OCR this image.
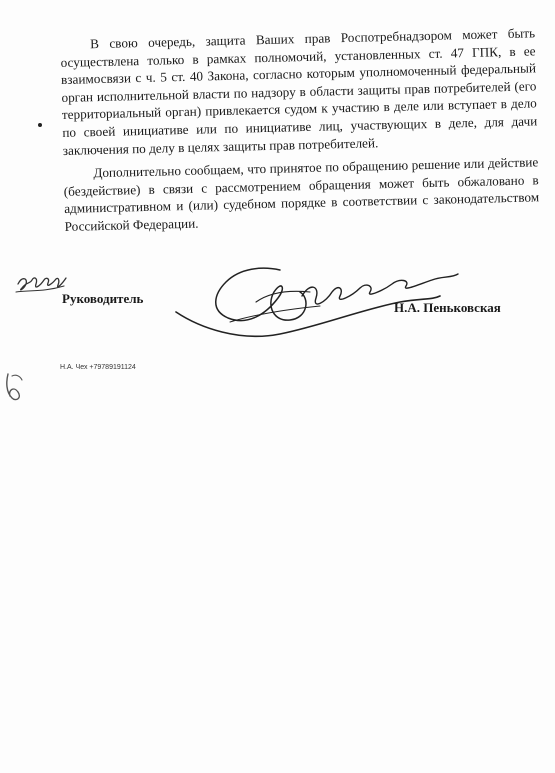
В свою очередь, защита Ваших прав Роспотребнадзором может быть осуществлена только в рамках полномочий, установленных ст. 47 ГПК, в ее взаимосвязи с ч. 5 ст. 40 Закона, согласно которым уполномоченный федеральный орган исполнительной власти по надзору в области защиты прав потребителей (его территориальный орган) привлекается судом к участию в деле или вступает в дело по своей инициативе или по инициативе лиц, участвующих в деле, для дачи заключения по делу в целях защиты прав потребителей.

Дополнительно сообщаем, что принятое по обращению решение или действие (бездействие) в связи с рассмотрением обращения может быть обжаловано в административном и (или) судебном порядке в соответствии с законодательством Российской Федерации.

Руководитель
Н.А. Пеньковская
Н.А. Чех +79789191124
